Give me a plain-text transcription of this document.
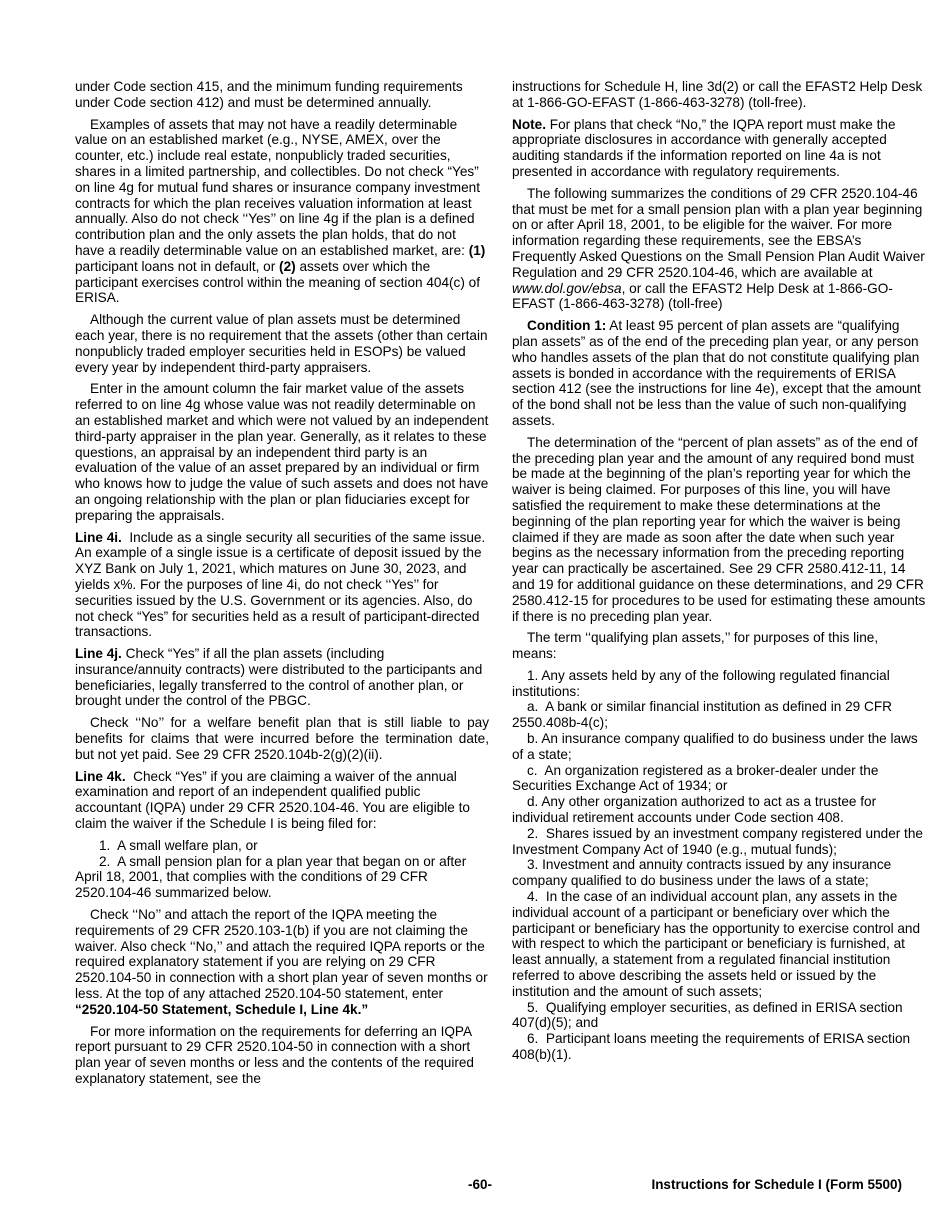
under Code section 415, and the minimum funding requirements under Code section 412) and must be determined annually.

Examples of assets that may not have a readily determinable value on an established market (e.g., NYSE, AMEX, over the counter, etc.) include real estate, nonpublicly traded securities, shares in a limited partnership, and collectibles. Do not check “Yes” on line 4g for mutual fund shares or insurance company investment contracts for which the plan receives valuation information at least annually. Also do not check ‘‘Yes’’ on line 4g if the plan is a defined contribution plan and the only assets the plan holds, that do not have a readily determinable value on an established market, are: (1) participant loans not in default, or (2) assets over which the participant exercises control within the meaning of section 404(c) of ERISA.

Although the current value of plan assets must be determined each year, there is no requirement that the assets (other than certain nonpublicly traded employer securities held in ESOPs) be valued every year by independent third-party appraisers.

Enter in the amount column the fair market value of the assets referred to on line 4g whose value was not readily determinable on an established market and which were not valued by an independent third-party appraiser in the plan year. Generally, as it relates to these questions, an appraisal by an independent third party is an evaluation of the value of an asset prepared by an individual or firm who knows how to judge the value of such assets and does not have an ongoing relationship with the plan or plan fiduciaries except for preparing the appraisals.

Line 4i.  Include as a single security all securities of the same issue. An example of a single issue is a certificate of deposit issued by the XYZ Bank on July 1, 2021, which matures on June 30, 2023, and yields x%. For the purposes of line 4i, do not check ‘‘Yes’’ for securities issued by the U.S. Government or its agencies. Also, do not check “Yes” for securities held as a result of participant-directed transactions.

Line 4j. Check “Yes” if all the plan assets (including insurance/annuity contracts) were distributed to the participants and beneficiaries, legally transferred to the control of another plan, or brought under the control of the PBGC.

Check ‘‘No’’ for a welfare benefit plan that is still liable to pay benefits for claims that were incurred before the termination date, but not yet paid. See 29 CFR 2520.104b-2(g)(2)(ii).

Line 4k.  Check “Yes” if you are claiming a waiver of the annual examination and report of an independent qualified public accountant (IQPA) under 29 CFR 2520.104-46. You are eligible to claim the waiver if the Schedule I is being filed for:

1.  A small welfare plan, or

2.  A small pension plan for a plan year that began on or after April 18, 2001, that complies with the conditions of 29 CFR 2520.104-46 summarized below.

Check ‘‘No’’ and attach the report of the IQPA meeting the requirements of 29 CFR 2520.103-1(b) if you are not claiming the waiver. Also check ‘‘No,’’ and attach the required IQPA reports or the required explanatory statement if you are relying on 29 CFR 2520.104-50 in connection with a short plan year of seven months or less. At the top of any attached 2520.104-50 statement, enter “2520.104-50 Statement, Schedule I, Line 4k.”

For more information on the requirements for deferring an IQPA report pursuant to 29 CFR 2520.104-50 in connection with a short plan year of seven months or less and the contents of the required explanatory statement, see the

instructions for Schedule H, line 3d(2) or call the EFAST2 Help Desk at 1-866-GO-EFAST (1-866-463-3278) (toll-free).

Note. For plans that check “No,” the IQPA report must make the appropriate disclosures in accordance with generally accepted auditing standards if the information reported on line 4a is not presented in accordance with regulatory requirements.

The following summarizes the conditions of 29 CFR 2520.104-46 that must be met for a small pension plan with a plan year beginning on or after April 18, 2001, to be eligible for the waiver. For more information regarding these requirements, see the EBSA’s Frequently Asked Questions on the Small Pension Plan Audit Waiver Regulation and 29 CFR 2520.104-46, which are available at www.dol.gov/ebsa, or call the EFAST2 Help Desk at 1-866-GO-EFAST (1-866-463-3278) (toll-free)

Condition 1: At least 95 percent of plan assets are “qualifying plan assets” as of the end of the preceding plan year, or any person who handles assets of the plan that do not constitute qualifying plan assets is bonded in accordance with the requirements of ERISA section 412 (see the instructions for line 4e), except that the amount of the bond shall not be less than the value of such non-qualifying assets.

The determination of the “percent of plan assets” as of the end of the preceding plan year and the amount of any required bond must be made at the beginning of the plan’s reporting year for which the waiver is being claimed. For purposes of this line, you will have satisfied the requirement to make these determinations at the beginning of the plan reporting year for which the waiver is being claimed if they are made as soon after the date when such year begins as the necessary information from the preceding reporting year can practically be ascertained. See 29 CFR 2580.412-11, 14 and 19 for additional guidance on these determinations, and 29 CFR 2580.412-15 for procedures to be used for estimating these amounts if there is no preceding plan year.

The term ‘‘qualifying plan assets,’’ for purposes of this line, means:

1. Any assets held by any of the following regulated financial institutions:

a.  A bank or similar financial institution as defined in 29 CFR 2550.408b-4(c);

b. An insurance company qualified to do business under the laws of a state;

c.  An organization registered as a broker-dealer under the Securities Exchange Act of 1934; or

d. Any other organization authorized to act as a trustee for individual retirement accounts under Code section 408.

2.  Shares issued by an investment company registered under the Investment Company Act of 1940 (e.g., mutual funds);

3. Investment and annuity contracts issued by any insurance company qualified to do business under the laws of a state;

4.  In the case of an individual account plan, any assets in the individual account of a participant or beneficiary over which the participant or beneficiary has the opportunity to exercise control and with respect to which the participant or beneficiary is furnished, at least annually, a statement from a regulated financial institution referred to above describing the assets held or issued by the institution and the amount of such assets;

5.  Qualifying employer securities, as defined in ERISA section 407(d)(5); and

6.  Participant loans meeting the requirements of ERISA section 408(b)(1).

-60-	Instructions for Schedule I (Form 5500)
